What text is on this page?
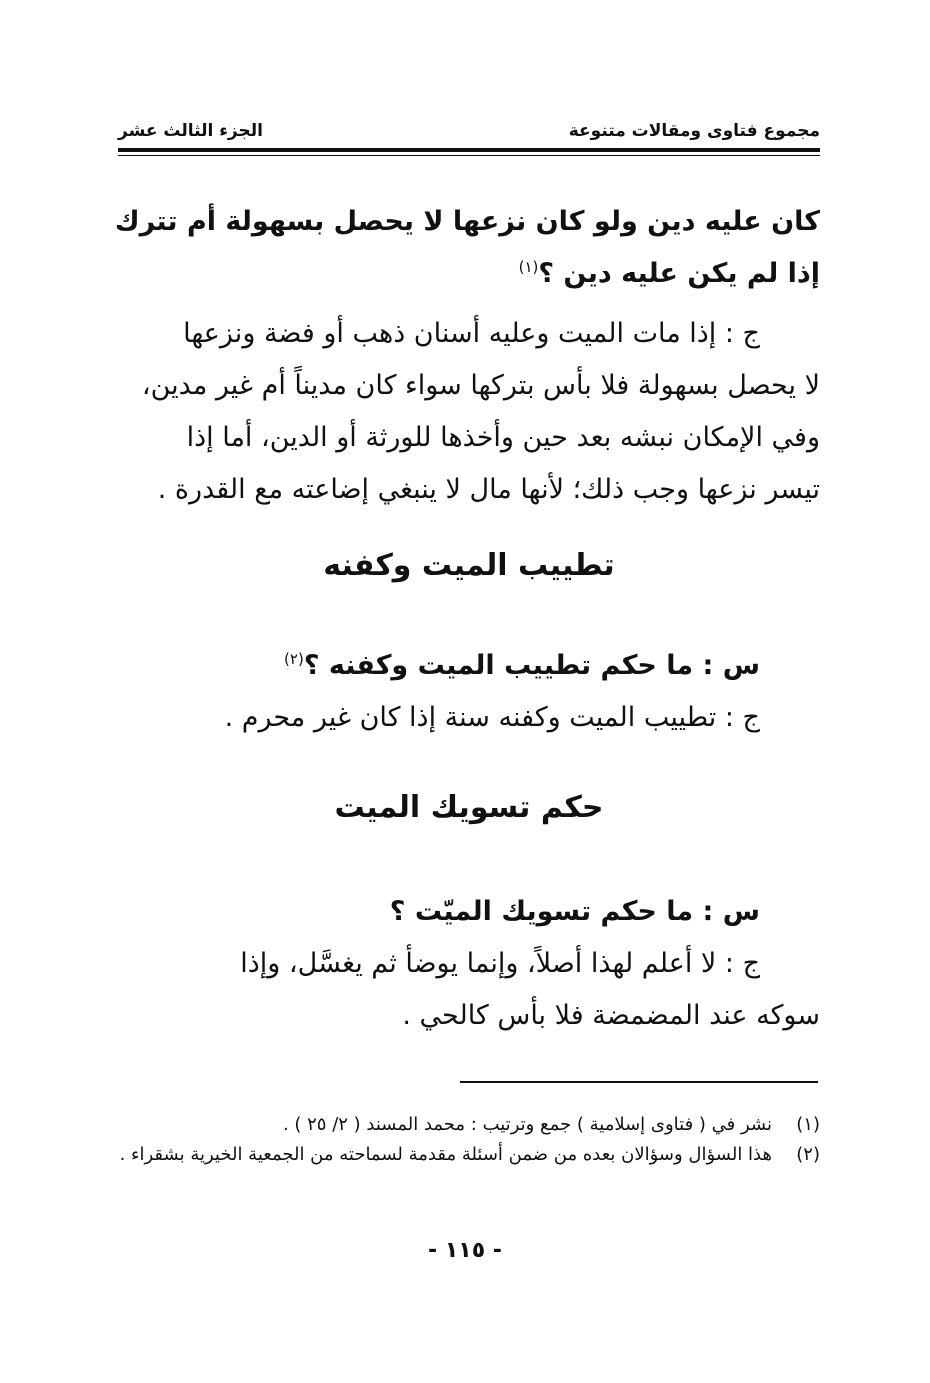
مجموع فتاوى ومقالات متنوعة
الجزء الثالث عشر

كان عليه دين ولو كان نزعها لا يحصل بسهولة أم تترك

إذا لم يكن عليه دين ؟$^{(١)}$

ج : إذا مات الميت وعليه أسنان ذهب أو فضة ونزعها

لا يحصل بسهولة فلا بأس بتركها سواء كان مديناً أم غير مدين،

وفي الإمكان نبشه بعد حين وأخذها للورثة أو الدين، أما إذا

تيسر نزعها وجب ذلك؛ لأنها مال لا ينبغي إضاعته مع القدرة .

تطييب الميت وكفنه

س : ما حكم تطييب الميت وكفنه ؟$^{(٢)}$

ج : تطييب الميت وكفنه سنة إذا كان غير محرم .

حكم تسويك الميت

س : ما حكم تسويك الميّت ؟

ج : لا أعلم لهذا أصلاً، وإنما يوضأ ثم يغسَّل، وإذا

سوكه عند المضمضة فلا بأس كالحي .

(١)
نشر في ( فتاوى إسلامية ) جمع وترتيب : محمد المسند ( ٢/ ٢٥ ) .
(٢)
هذا السؤال وسؤالان بعده من ضمن أسئلة مقدمة لسماحته من الجمعية الخيرية بشقراء .
- ١١٥ -
